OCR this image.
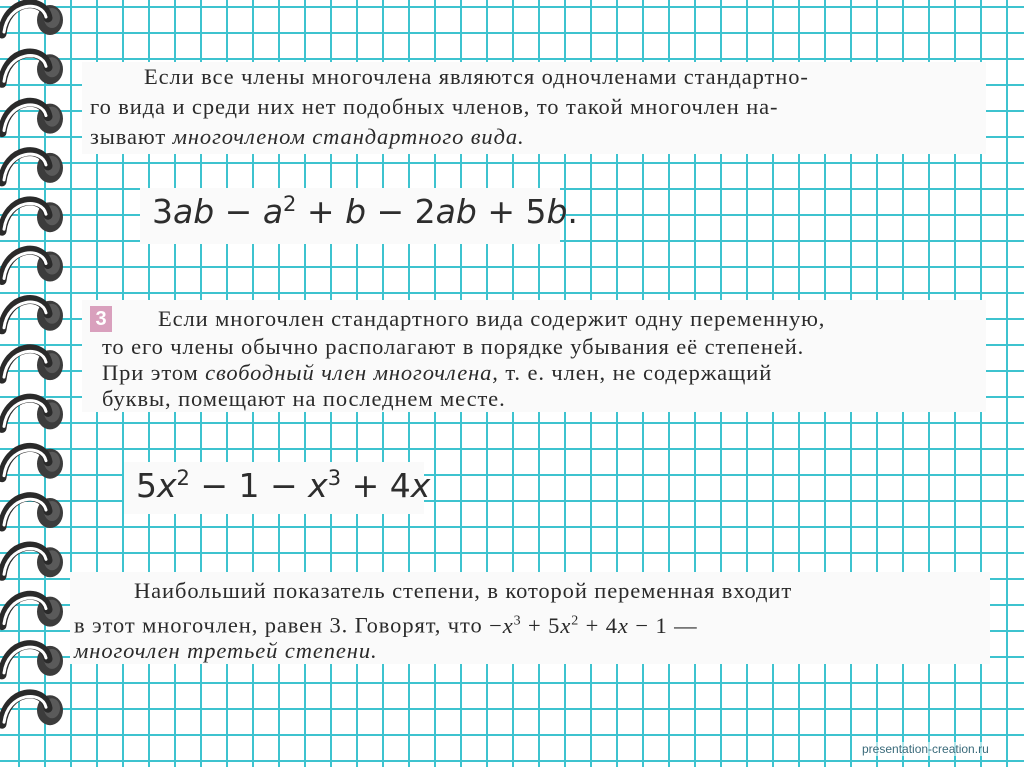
Если все члены многочлена являются одночленами стандартно-
го вида и среди них нет подобных членов, то такой многочлен на-
зывают многочленом стандартного вида.
$3ab - a^2 + b - 2ab + 5b$.
Если многочлен стандартного вида содержит одну переменную,
то его члены обычно располагают в порядке убывания её степеней.
При этом свободный член многочлена, т. е. член, не содержащий
буквы, помещают на последнем месте.
3
$5x^2 - 1 - x^3 + 4x$
Наибольший показатель степени, в которой переменная входит
в этот многочлен, равен 3. Говорят, что $-x^3 + 5x^2 + 4x - 1$ —
многочлен третьей степени.
presentation-creation.ru
